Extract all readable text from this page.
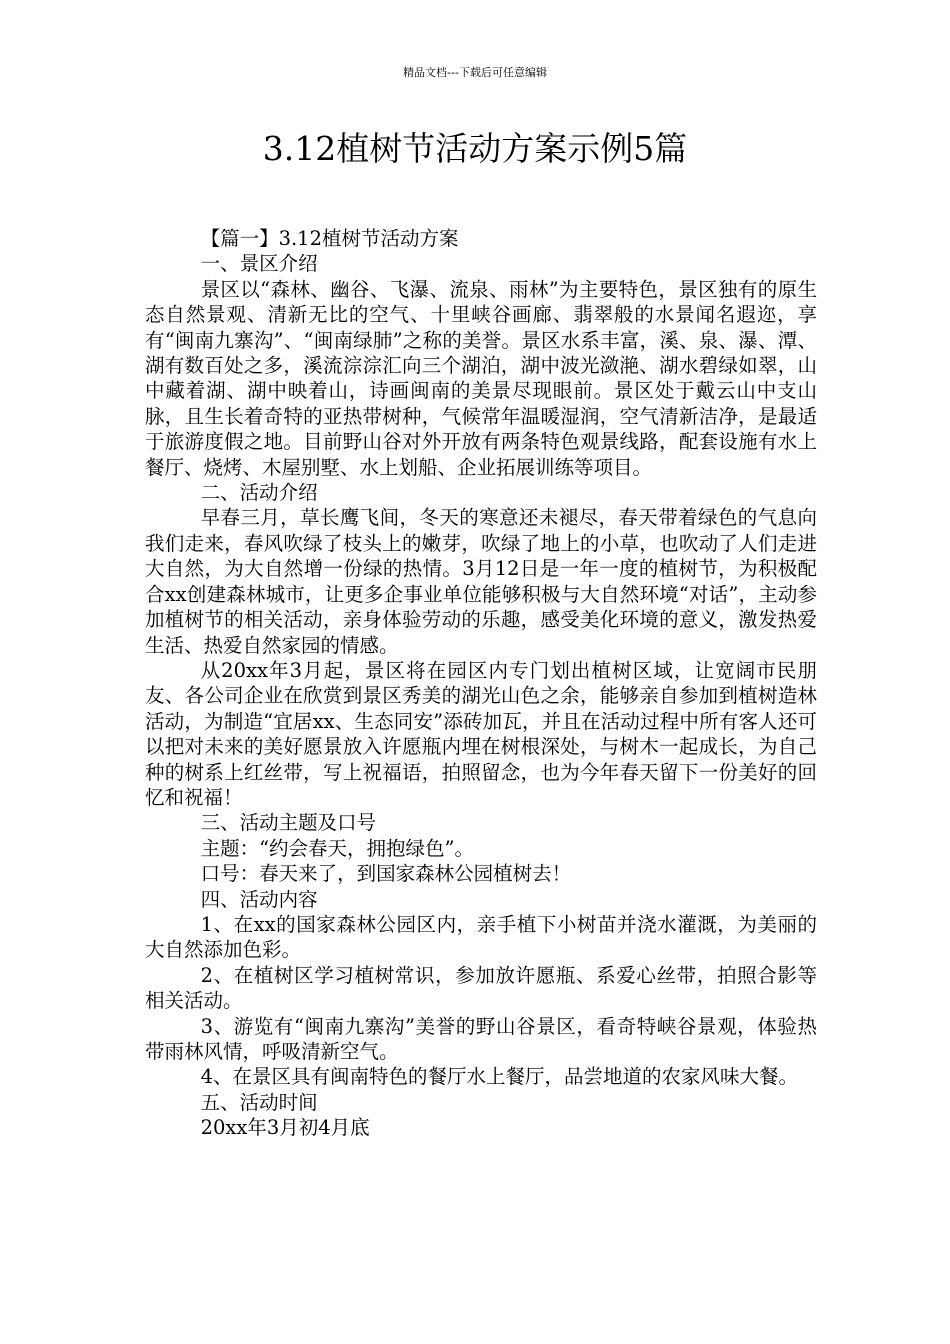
精品文档---下载后可任意编辑
3.12植树节活动方案示例5篇

【篇一】3.12植树节活动方案

一、景区介绍

景区以“森林、幽谷、飞瀑、流泉、雨林”为主要特色，景区独有的原生态自然景观、清新无比的空气、十里峡谷画廊、翡翠般的水景闻名遐迩，享有“闽南九寨沟”、“闽南绿肺”之称的美誉。景区水系丰富，溪、泉、瀑、潭、湖有数百处之多，溪流淙淙汇向三个湖泊，湖中波光潋滟、湖水碧绿如翠，山中藏着湖、湖中映着山，诗画闽南的美景尽现眼前。景区处于戴云山中支山脉，且生长着奇特的亚热带树种，气候常年温暖湿润，空气清新洁净，是最适于旅游度假之地。目前野山谷对外开放有两条特色观景线路，配套设施有水上餐厅、烧烤、木屋别墅、水上划船、企业拓展训练等项目。

二、活动介绍

早春三月，草长鹰飞间，冬天的寒意还未褪尽，春天带着绿色的气息向我们走来，春风吹绿了枝头上的嫩芽，吹绿了地上的小草，也吹动了人们走进大自然，为大自然增一份绿的热情。3月12日是一年一度的植树节，为积极配合xx创建森林城市，让更多企事业单位能够积极与大自然环境“对话”，主动参加植树节的相关活动，亲身体验劳动的乐趣，感受美化环境的意义，激发热爱生活、热爱自然家园的情感。

从20xx年3月起，景区将在园区内专门划出植树区域，让宽阔市民朋友、各公司企业在欣赏到景区秀美的湖光山色之余，能够亲自参加到植树造林活动，为制造“宜居xx、生态同安”添砖加瓦，并且在活动过程中所有客人还可以把对未来的美好愿景放入许愿瓶内埋在树根深处，与树木一起成长，为自己种的树系上红丝带，写上祝福语，拍照留念，也为今年春天留下一份美好的回忆和祝福！

三、活动主题及口号

主题：“约会春天，拥抱绿色”。

口号：春天来了，到国家森林公园植树去！

四、活动内容

1、在xx的国家森林公园区内，亲手植下小树苗并浇水灌溉，为美丽的大自然添加色彩。

2、在植树区学习植树常识，参加放许愿瓶、系爱心丝带，拍照合影等相关活动。

3、游览有“闽南九寨沟”美誉的野山谷景区，看奇特峡谷景观，体验热带雨林风情，呼吸清新空气。

4、在景区具有闽南特色的餐厅水上餐厅，品尝地道的农家风味大餐。

五、活动时间

20xx年3月初4月底
